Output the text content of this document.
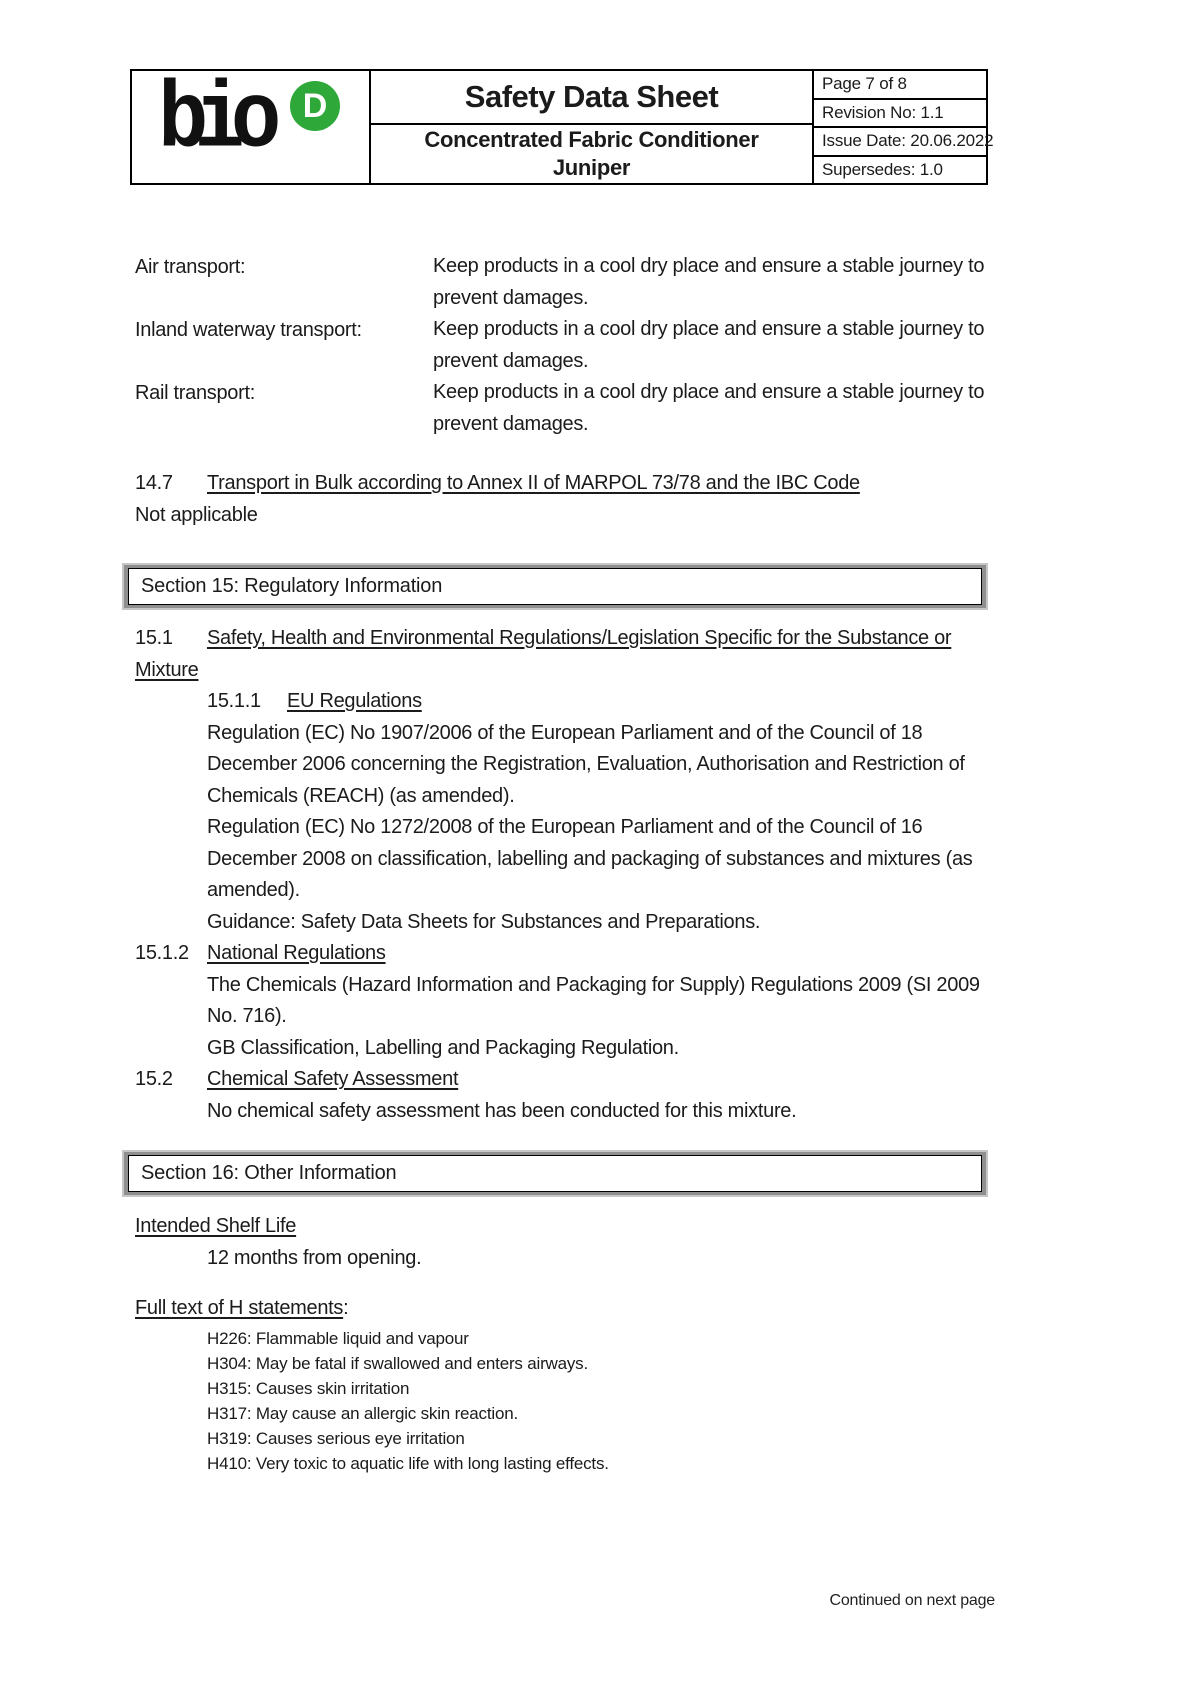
bio	D	Safety Data Sheet
Concentrated Fabric Conditioner
Juniper
Page 7 of 8
Revision No: 1.1
Issue Date: 20.06.2022
Supersedes: 1.0
Air transport:	Keep products in a cool dry place and ensure a stable journey to
prevent damages.
Inland waterway transport:	Keep products in a cool dry place and ensure a stable journey to
prevent damages.
Rail transport:	Keep products in a cool dry place and ensure a stable journey to
prevent damages.
14.7 Transport in Bulk according to Annex II of MARPOL 73/78 and the IBC Code
Not applicable
Section 15: Regulatory Information
15.1 Safety, Health and Environmental Regulations/Legislation Specific for the Substance or
Mixture
15.1.1 EU Regulations
Regulation (EC) No 1907/2006 of the European Parliament and of the Council of 18
December 2006 concerning the Registration, Evaluation, Authorisation and Restriction of
Chemicals (REACH) (as amended).
Regulation (EC) No 1272/2008 of the European Parliament and of the Council of 16
December 2008 on classification, labelling and packaging of substances and mixtures (as
amended).
Guidance: Safety Data Sheets for Substances and Preparations.
15.1.2 National Regulations
The Chemicals (Hazard Information and Packaging for Supply) Regulations 2009 (SI 2009
No. 716).
GB Classification, Labelling and Packaging Regulation.
15.2 Chemical Safety Assessment
No chemical safety assessment has been conducted for this mixture.
Section 16: Other Information
Intended Shelf Life
12 months from opening.
Full text of H statements:
H226: Flammable liquid and vapour
H304: May be fatal if swallowed and enters airways.
H315: Causes skin irritation
H317: May cause an allergic skin reaction.
H319: Causes serious eye irritation
H410: Very toxic to aquatic life with long lasting effects.
Continued on next page
